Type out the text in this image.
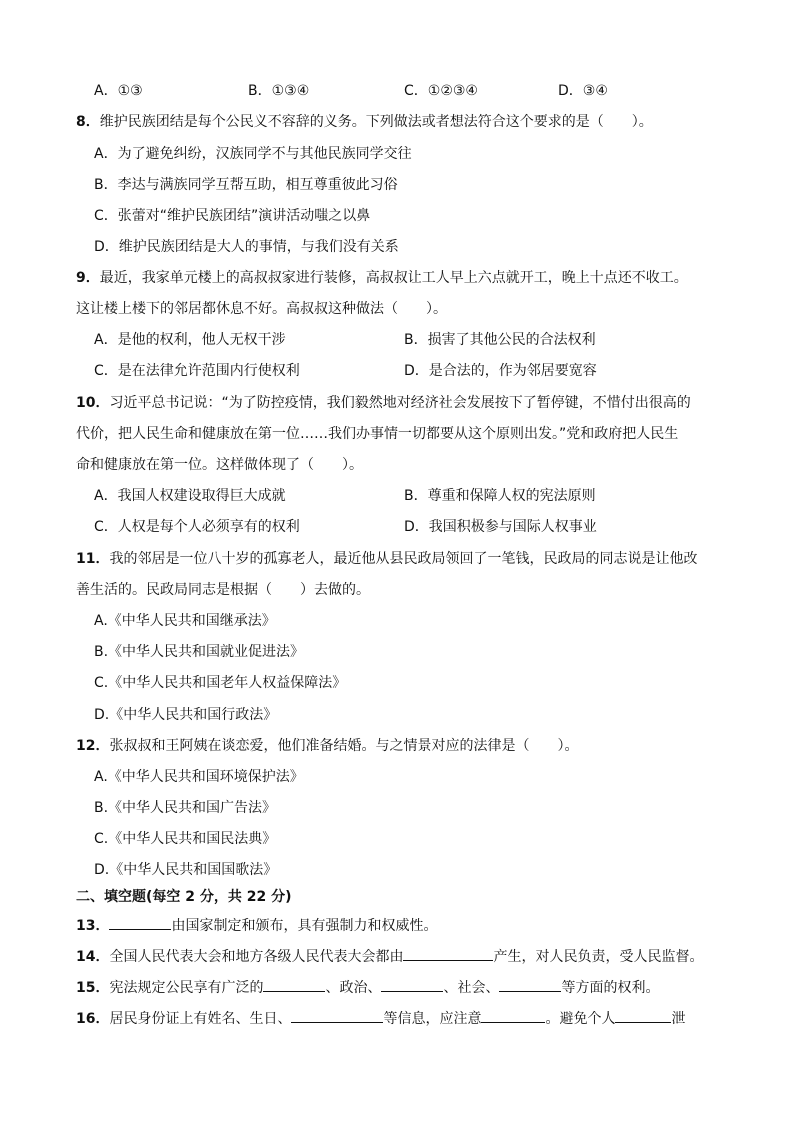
A．①③	B．①③④	C．①②③④	D．③④
8．维护民族团结是每个公民义不容辞的义务。下列做法或者想法符合这个要求的是（　　）。
A．为了避免纠纷，汉族同学不与其他民族同学交往
B．李达与满族同学互帮互助，相互尊重彼此习俗
C．张蕾对“维护民族团结”演讲活动嗤之以鼻
D．维护民族团结是大人的事情，与我们没有关系
9．最近，我家单元楼上的高叔叔家进行装修，高叔叔让工人早上六点就开工，晚上十点还不收工。
这让楼上楼下的邻居都休息不好。高叔叔这种做法（　　）。
A．是他的权利，他人无权干涉	B．损害了其他公民的合法权利
C．是在法律允许范围内行使权利	D．是合法的，作为邻居要宽容
10．习近平总书记说：“为了防控疫情，我们毅然地对经济社会发展按下了暂停键，不惜付出很高的
代价，把人民生命和健康放在第一位……我们办事情一切都要从这个原则出发。”党和政府把人民生
命和健康放在第一位。这样做体现了（　　）。
A．我国人权建设取得巨大成就	B．尊重和保障人权的宪法原则
C．人权是每个人必须享有的权利	D．我国积极参与国际人权事业
11．我的邻居是一位八十岁的孤寡老人，最近他从县民政局领回了一笔钱，民政局的同志说是让他改
善生活的。民政局同志是根据（　　）去做的。
A.《中华人民共和国继承法》
B.《中华人民共和国就业促进法》
C.《中华人民共和国老年人权益保障法》
D.《中华人民共和国行政法》
12．张叔叔和王阿姨在谈恋爱，他们准备结婚。与之情景对应的法律是（　　）。
A.《中华人民共和国环境保护法》
B.《中华人民共和国广告法》
C.《中华人民共和国民法典》
D.《中华人民共和国国歌法》
二、填空题(每空 2 分，共 22 分)
13．	由国家制定和颁布，具有强制力和权威性。
14．全国人民代表大会和地方各级人民代表大会都由	产生，对人民负责，受人民监督。
15．宪法规定公民享有广泛的	、政治、	、社会、	等方面的权利。
16．居民身份证上有姓名、生日、	等信息，应注意	。避免个人	泄
